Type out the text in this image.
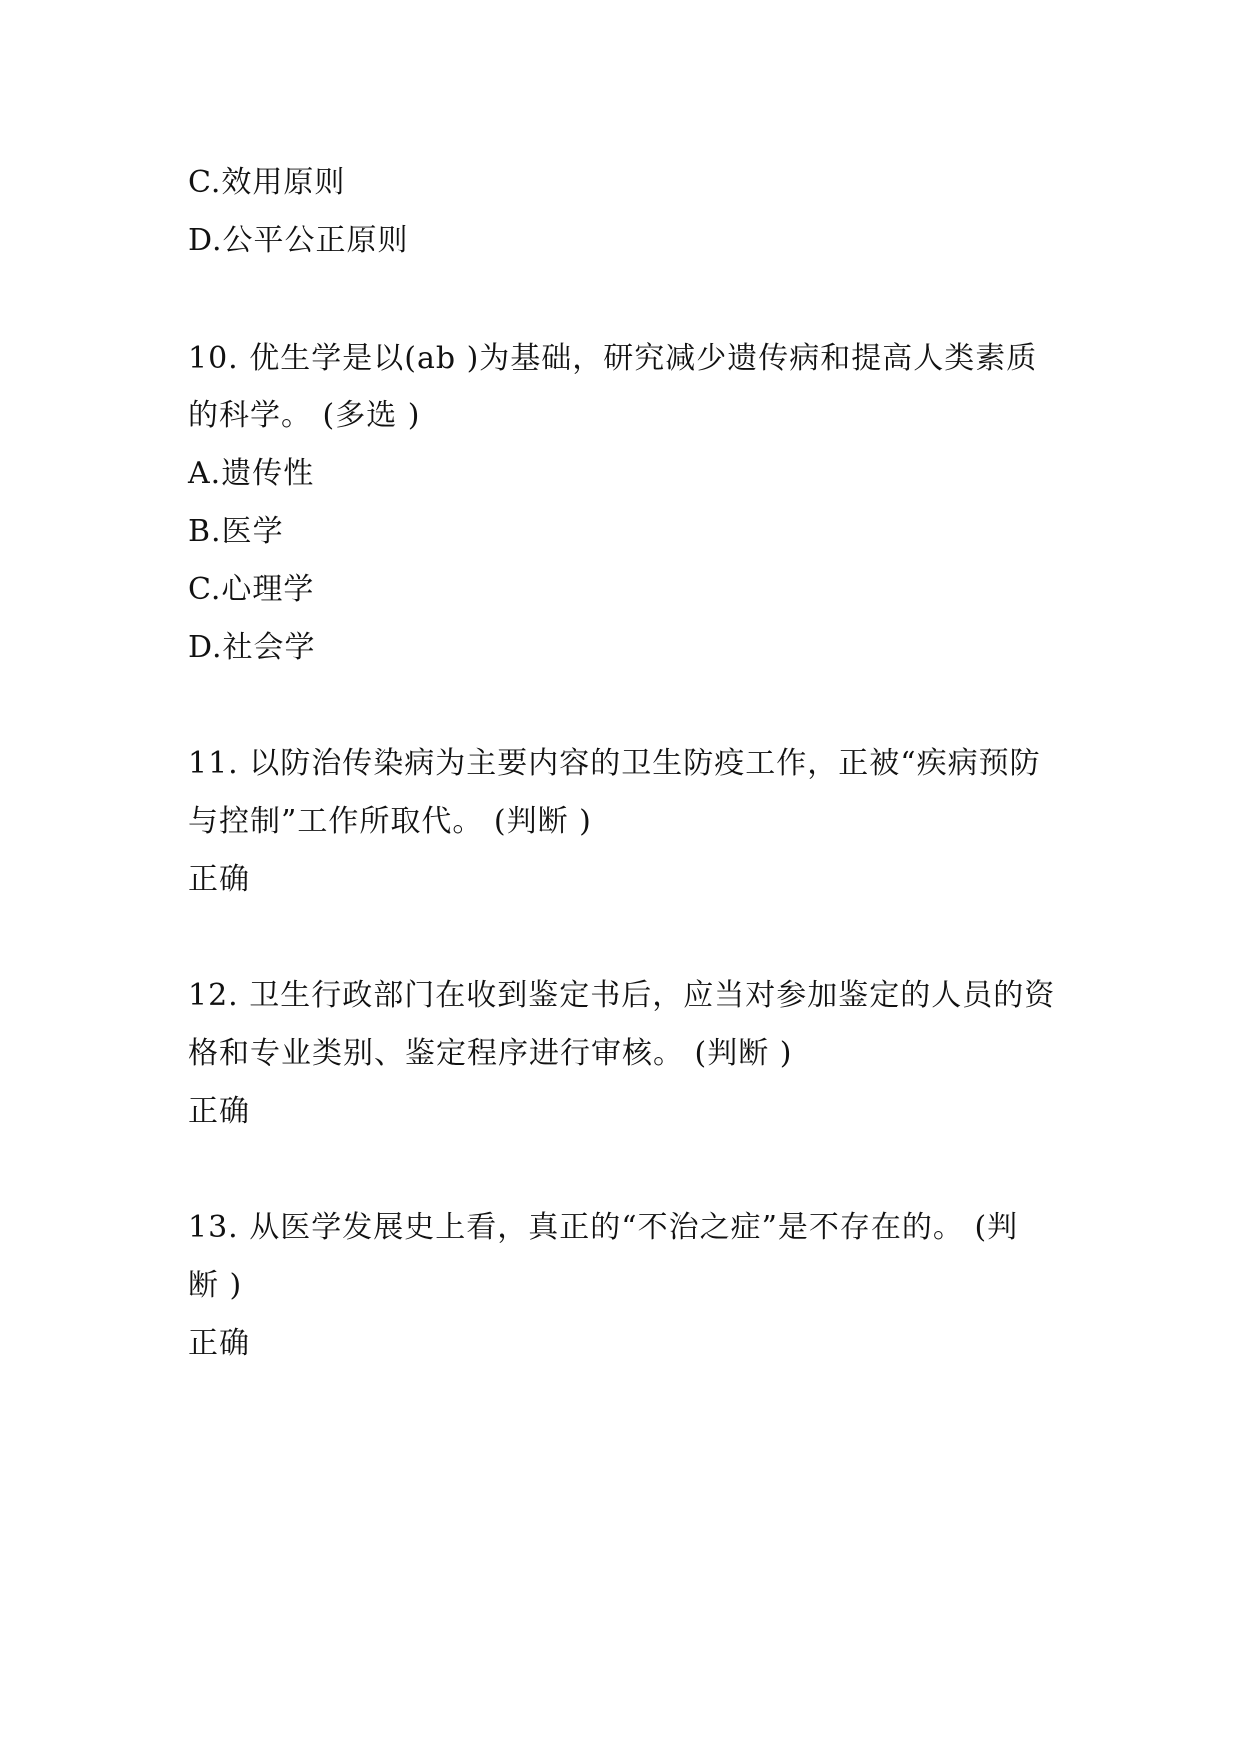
C.效用原则
D.公平公正原则
10. 优生学是以(ab )为基础，研究减少遗传病和提高人类素质
的科学。 (多选 )
A.遗传性
B.医学
C.心理学
D.社会学
11. 以防治传染病为主要内容的卫生防疫工作，正被“疾病预防
与控制”工作所取代。 (判断 )
正确
12. 卫生行政部门在收到鉴定书后，应当对参加鉴定的人员的资
格和专业类别、鉴定程序进行审核。 (判断 )
正确
13. 从医学发展史上看，真正的“不治之症”是不存在的。 (判
断 )
正确
